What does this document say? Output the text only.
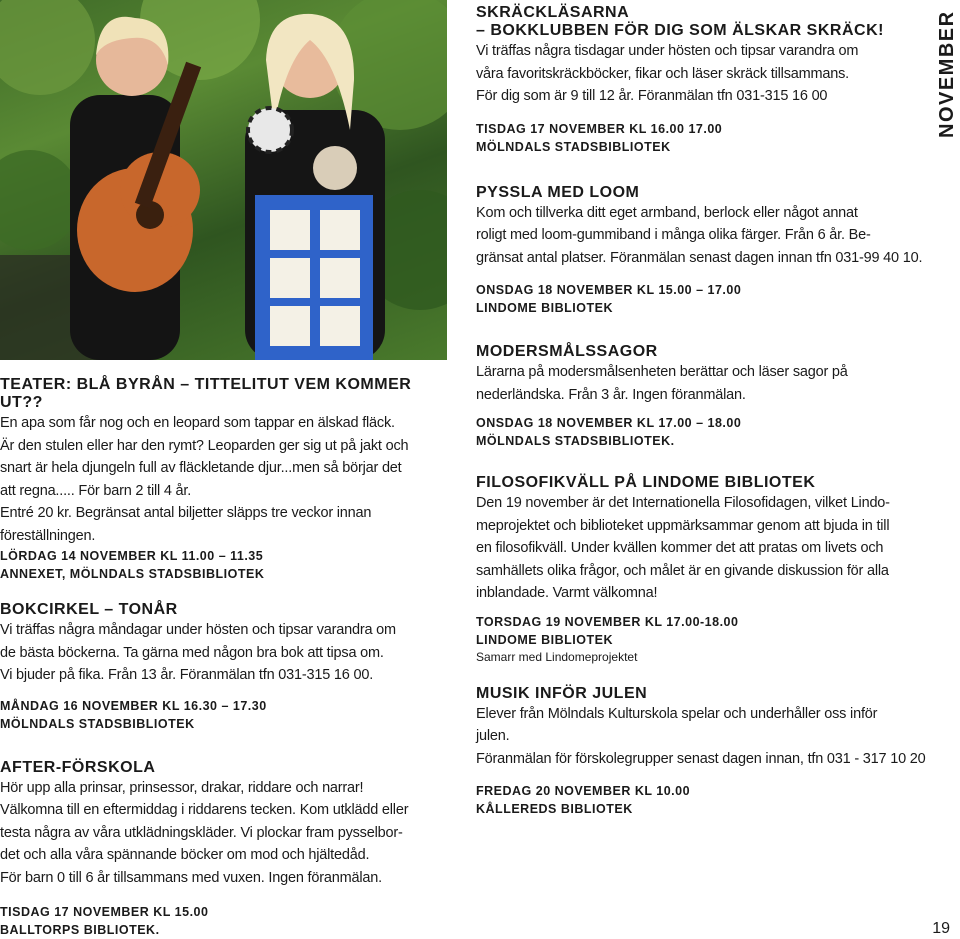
NOVEMBER

TEATER: BLÅ BYRÅN – TITTELITUT VEM KOMMER UT??

En apa som får nog och en leopard som tappar en älskad fläck.

Är den stulen eller har den rymt? Leoparden ger sig ut på jakt och

snart är hela djungeln full av fläckletande djur...men så börjar det

att regna..... För barn 2 till 4 år.

Entré 20 kr. Begränsat antal biljetter släpps tre veckor innan

föreställningen.

LÖRDAG 14 NOVEMBER KL 11.00 – 11.35

ANNEXET, MÖLNDALS STADSBIBLIOTEK

BOKCIRKEL – TONÅR

Vi träffas några måndagar under hösten och tipsar varandra om

de bästa böckerna. Ta gärna med någon bra bok att tipsa om.

Vi bjuder på fika. Från 13 år. Föranmälan tfn 031-315 16 00.

MÅNDAG 16 NOVEMBER KL 16.30 – 17.30

MÖLNDALS STADSBIBLIOTEK

AFTER-FÖRSKOLA

Hör upp alla prinsar, prinsessor, drakar, riddare och narrar!

Välkomna till en eftermiddag i riddarens tecken. Kom utklädd eller

testa några av våra utklädningskläder. Vi plockar fram pysselbor-

det och alla våra spännande böcker om mod och hjältedåd.

För barn 0 till 6 år tillsammans med vuxen. Ingen föranmälan.

TISDAG 17 NOVEMBER KL 15.00

BALLTORPS BIBLIOTEK.

SKRÄCKLÄSARNA

– BOKKLUBBEN FÖR DIG SOM ÄLSKAR SKRÄCK!

Vi träffas några tisdagar under hösten och tipsar varandra om

våra favoritskräckböcker, fikar och läser skräck tillsammans.

För dig som är 9 till 12 år. Föranmälan tfn 031-315 16 00

TISDAG 17 NOVEMBER KL 16.00 17.00

MÖLNDALS STADSBIBLIOTEK

PYSSLA MED LOOM

Kom och tillverka ditt eget armband, berlock eller något annat

roligt med loom-gummiband i många olika färger. Från 6 år. Be-

gränsat antal platser. Föranmälan senast dagen innan tfn 031-99 40 10.

ONSDAG 18 NOVEMBER KL 15.00 – 17.00

LINDOME BIBLIOTEK

MODERSMÅLSSAGOR

Lärarna på modersmålsenheten berättar och läser sagor på

nederländska. Från 3 år. Ingen föranmälan.

ONSDAG 18 NOVEMBER KL 17.00 – 18.00

MÖLNDALS STADSBIBLIOTEK.

FILOSOFIKVÄLL PÅ LINDOME BIBLIOTEK

Den 19 november är det Internationella Filosofidagen, vilket Lindo-

meprojektet och biblioteket uppmärksammar genom att bjuda in till

en filosofikväll. Under kvällen kommer det att pratas om livets och

samhällets olika frågor, och målet är en givande diskussion för alla

inblandade. Varmt välkomna!

TORSDAG 19 NOVEMBER KL 17.00-18.00

LINDOME BIBLIOTEK

Samarr med Lindomeprojektet

MUSIK INFÖR JULEN

Elever från Mölndals Kulturskola spelar och underhåller oss inför

julen.

Föranmälan för förskolegrupper senast dagen innan, tfn 031 - 317 10 20

FREDAG 20 NOVEMBER KL 10.00

KÅLLEREDS BIBLIOTEK

19
